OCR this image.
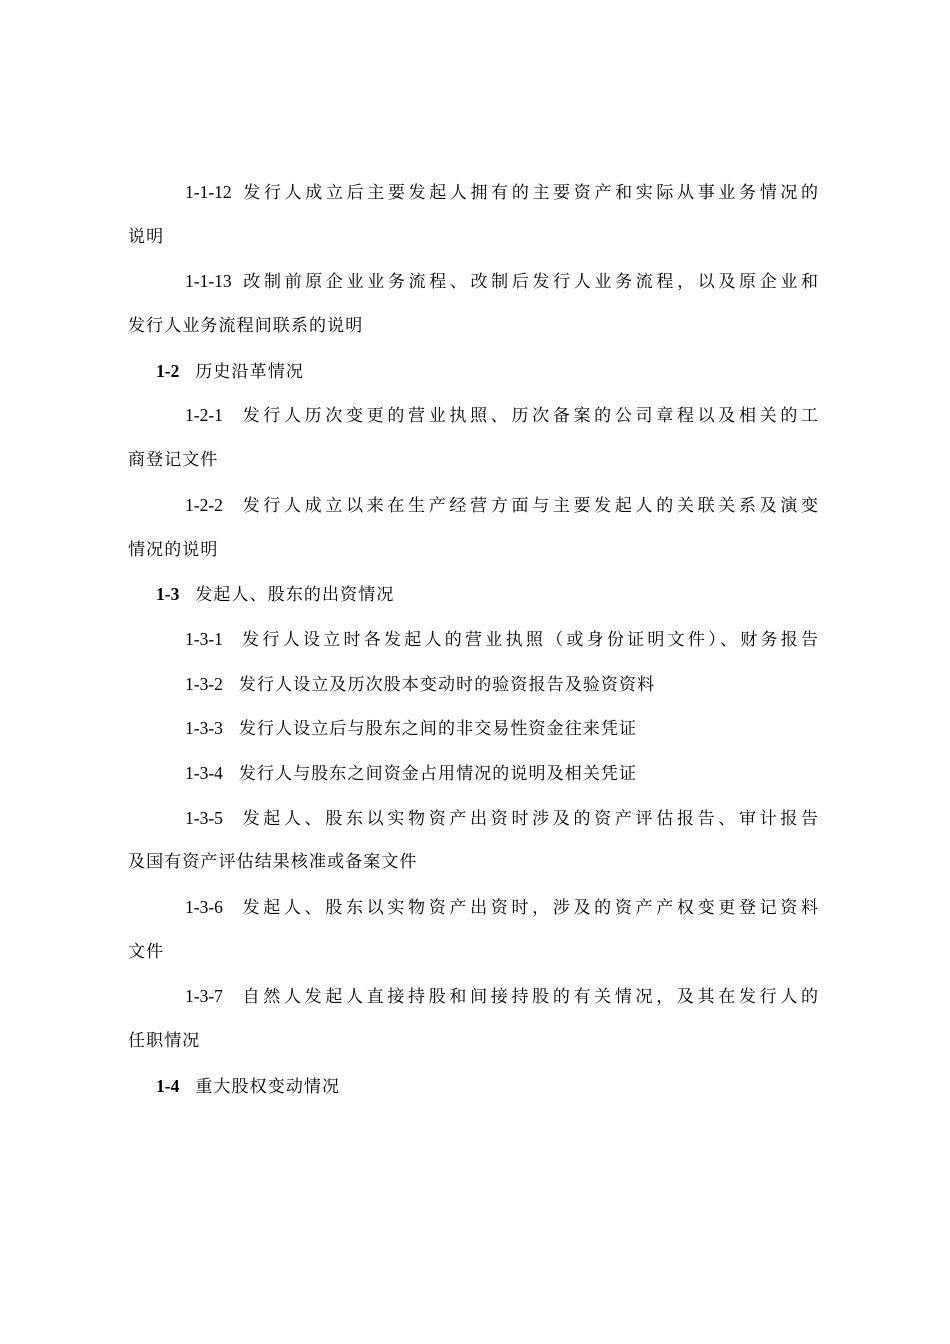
1-1-12 发行人成立后主要发起人拥有的主要资产和实际从事业务情况的
说明
1-1-13 改制前原企业业务流程、改制后发行人业务流程，以及原企业和
发行人业务流程间联系的说明
1-2 历史沿革情况
1-2-1 发行人历次变更的营业执照、历次备案的公司章程以及相关的工
商登记文件
1-2-2 发行人成立以来在生产经营方面与主要发起人的关联关系及演变
情况的说明
1-3 发起人、股东的出资情况
1-3-1 发行人设立时各发起人的营业执照（或身份证明文件）、财务报告
1-3-2 发行人设立及历次股本变动时的验资报告及验资资料
1-3-3 发行人设立后与股东之间的非交易性资金往来凭证
1-3-4 发行人与股东之间资金占用情况的说明及相关凭证
1-3-5 发起人、股东以实物资产出资时涉及的资产评估报告、审计报告
及国有资产评估结果核准或备案文件
1-3-6 发起人、股东以实物资产出资时，涉及的资产产权变更登记资料
文件
1-3-7 自然人发起人直接持股和间接持股的有关情况，及其在发行人的
任职情况
1-4 重大股权变动情况
